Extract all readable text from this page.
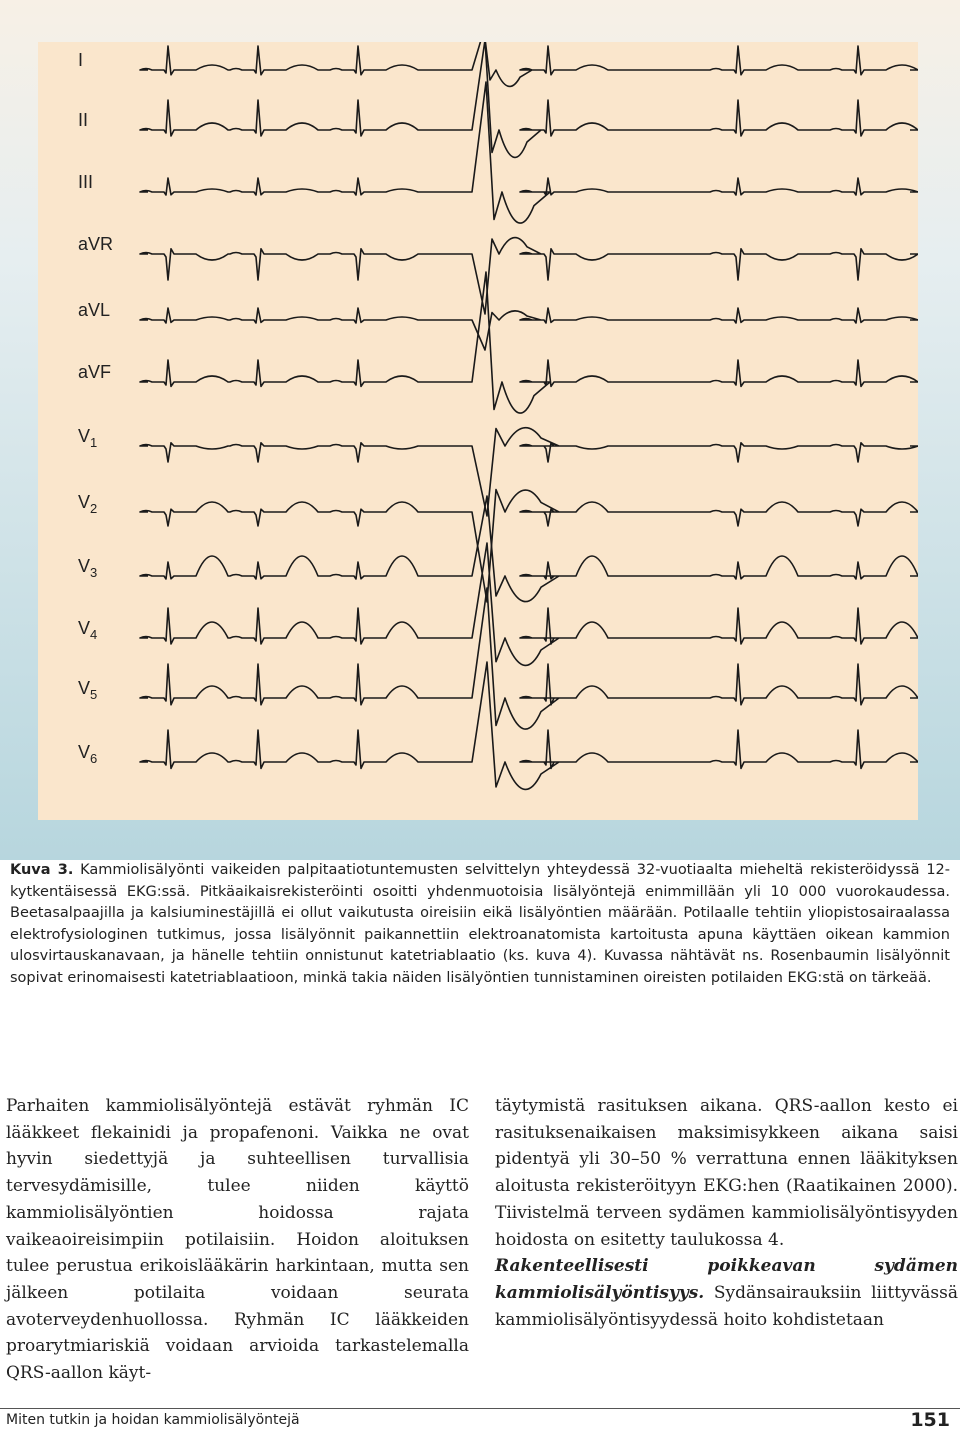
I
II
III
aVR
aVL
aVF
$V_1$
$V_2$
$V_3$
$V_4$
$V_5$
$V_6$
Kuva 3. Kammiolisälyönti vaikeiden palpitaatiotuntemusten selvittelyn yhteydessä 32-vuotiaalta mieheltä rekisteröidyssä 12-kytkentäisessä EKG:ssä. Pitkäaikaisrekisteröinti osoitti yhdenmuotoisia lisälyöntejä enimmillään yli 10 000 vuorokaudessa. Beetasalpaajilla ja kalsiuminestäjillä ei ollut vaikutusta oireisiin eikä lisälyöntien määrään. Potilaalle tehtiin yliopistosairaalassa elektrofysiologinen tutkimus, jossa lisälyönnit paikannettiin elektroanatomista kartoitusta apuna käyttäen oikean kammion ulosvirtauskanavaan, ja hänelle tehtiin onnistunut katetriablaatio (ks. kuva 4). Kuvassa nähtävät ns. Rosenbaumin lisälyönnit sopivat erinomaisesti katetriablaatioon, minkä takia näiden lisälyöntien tunnistaminen oireisten potilaiden EKG:stä on tärkeää.

Parhaiten kammiolisälyöntejä estävät ryhmän IC lääkkeet flekainidi ja propafenoni. Vaikka ne ovat hyvin siedettyjä ja suhteellisen turvallisia tervesydämisille, tulee niiden käyttö kammiolisälyöntien hoidossa rajata vaikeaoireisimpiin potilaisiin. Hoidon aloituksen tulee perustua erikoislääkärin harkintaan, mutta sen jälkeen potilaita voidaan seurata avoterveydenhuollossa. Ryhmän IC lääkkeiden proarytmiariskiä voidaan arvioida tarkastelemalla QRS-aallon käyt-

täytymistä rasituksen aikana. QRS-aallon kesto ei rasituksenaikaisen maksimisykkeen aikana saisi pidentyä yli 30–50 % verrattuna ennen lääkityksen aloitusta rekisteröityyn EKG:hen (Raatikainen 2000). Tiivistelmä terveen sydämen kammiolisälyöntisyyden hoidosta on esitetty taulukossa 4.

Rakenteellisesti poikkeavan sydämen kammiolisälyöntisyys. Sydänsairauksiin liittyvässä kammiolisälyöntisyydessä hoito kohdistetaan

Miten tutkin ja hoidan kammiolisälyöntejä	151
